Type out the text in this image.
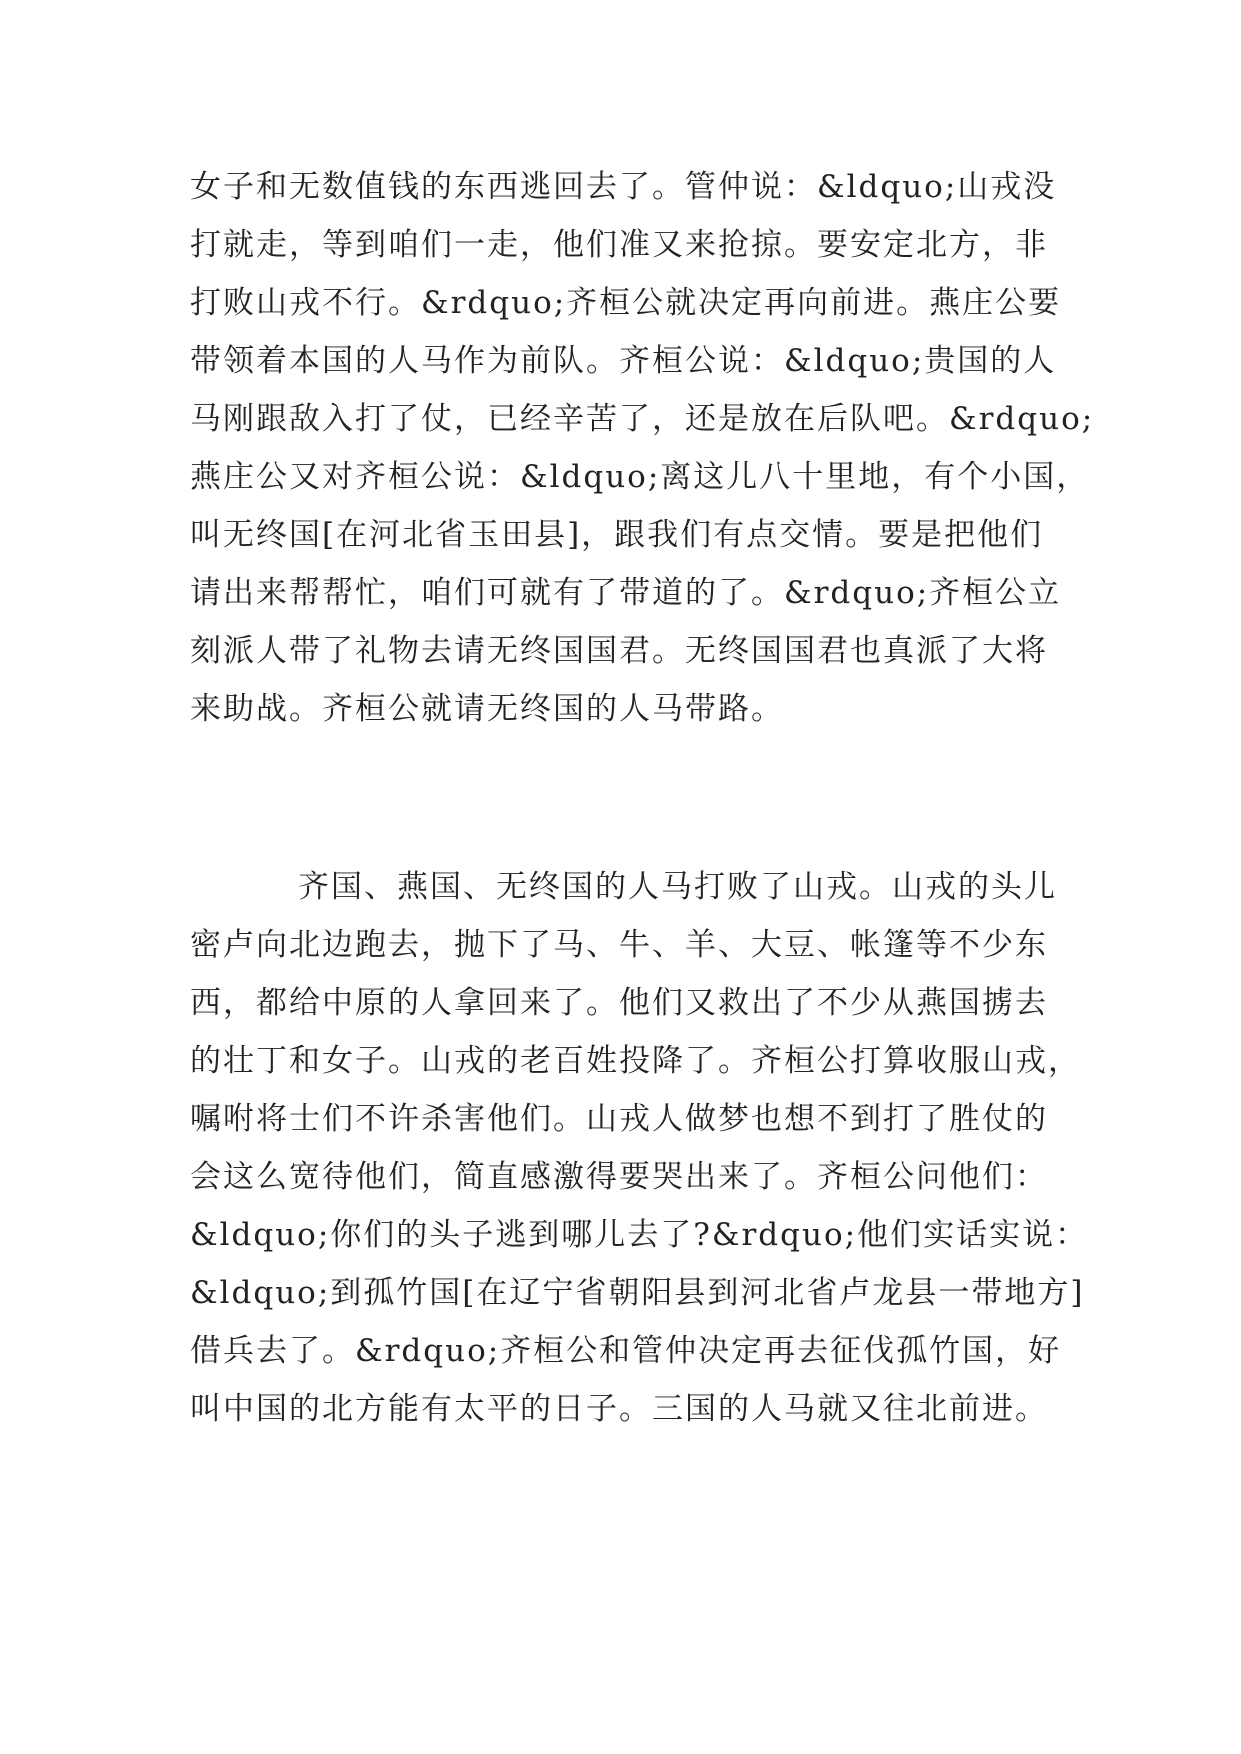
女子和无数值钱的东西逃回去了。管仲说：&ldquo;山戎没
打就走，等到咱们一走，他们准又来抢掠。要安定北方，非
打败山戎不行。&rdquo;齐桓公就决定再向前进。燕庄公要
带领着本国的人马作为前队。齐桓公说：&ldquo;贵国的人
马刚跟敌入打了仗，已经辛苦了，还是放在后队吧。&rdquo;
燕庄公又对齐桓公说：&ldquo;离这儿八十里地，有个小国，
叫无终国[在河北省玉田县]，跟我们有点交情。要是把他们
请出来帮帮忙，咱们可就有了带道的了。&rdquo;齐桓公立
刻派人带了礼物去请无终国国君。无终国国君也真派了大将
来助战。齐桓公就请无终国的人马带路。
齐国、燕国、无终国的人马打败了山戎。山戎的头儿
密卢向北边跑去，抛下了马、牛、羊、大豆、帐篷等不少东
西，都给中原的人拿回来了。他们又救出了不少从燕国掳去
的壮丁和女子。山戎的老百姓投降了。齐桓公打算收服山戎，
嘱咐将士们不许杀害他们。山戎人做梦也想不到打了胜仗的
会这么宽待他们，简直感激得要哭出来了。齐桓公问他们：
&ldquo;你们的头子逃到哪儿去了?&rdquo;他们实话实说：
&ldquo;到孤竹国[在辽宁省朝阳县到河北省卢龙县一带地方]
借兵去了。&rdquo;齐桓公和管仲决定再去征伐孤竹国，好
叫中国的北方能有太平的日子。三国的人马就又往北前进。
